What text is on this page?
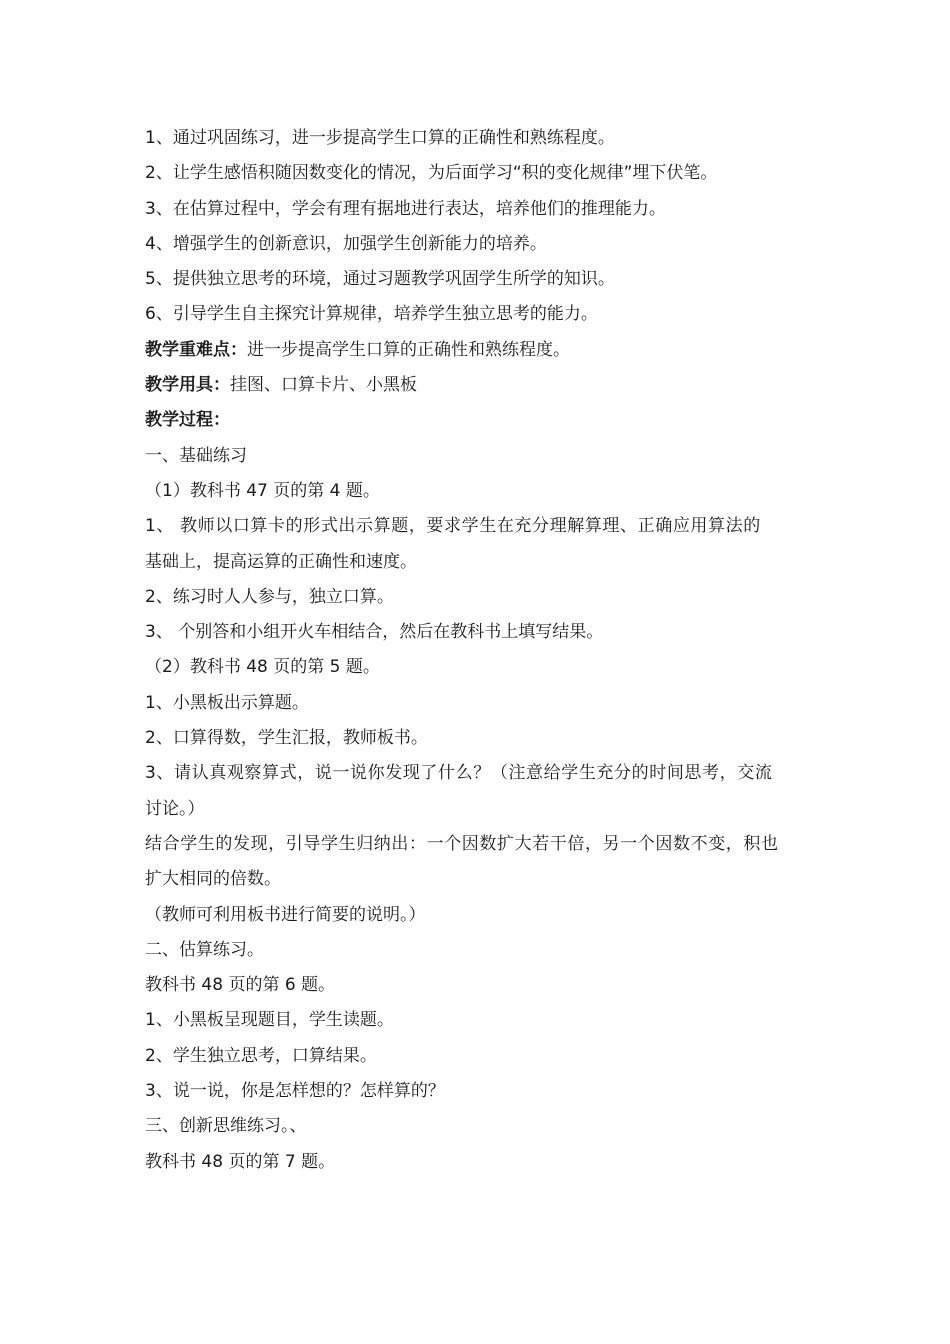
1、通过巩固练习，进一步提高学生口算的正确性和熟练程度。
2、让学生感悟积随因数变化的情况，为后面学习“积的变化规律”埋下伏笔。
3、在估算过程中，学会有理有据地进行表达，培养他们的推理能力。
4、增强学生的创新意识，加强学生创新能力的培养。
5、提供独立思考的环境，通过习题教学巩固学生所学的知识。
6、引导学生自主探究计算规律，培养学生独立思考的能力。
教学重难点：进一步提高学生口算的正确性和熟练程度。
教学用具：挂图、口算卡片、小黑板
教学过程：
一、基础练习
（1）教科书 47 页的第 4 题。
1、 教师以口算卡的形式出示算题，要求学生在充分理解算理、正确应用算法的
基础上，提高运算的正确性和速度。
2、练习时人人参与，独立口算。
3、 个别答和小组开火车相结合，然后在教科书上填写结果。
（2）教科书 48 页的第 5 题。
1、小黑板出示算题。
2、口算得数，学生汇报，教师板书。
3、请认真观察算式，说一说你发现了什么？（注意给学生充分的时间思考，交流
讨论。）
结合学生的发现，引导学生归纳出：一个因数扩大若干倍，另一个因数不变，积也
扩大相同的倍数。
（教师可利用板书进行简要的说明。）
二、估算练习。
教科书 48 页的第 6 题。
1、小黑板呈现题目，学生读题。
2、学生独立思考，口算结果。
3、说一说，你是怎样想的？怎样算的？
三、创新思维练习。、
教科书 48 页的第 7 题。
